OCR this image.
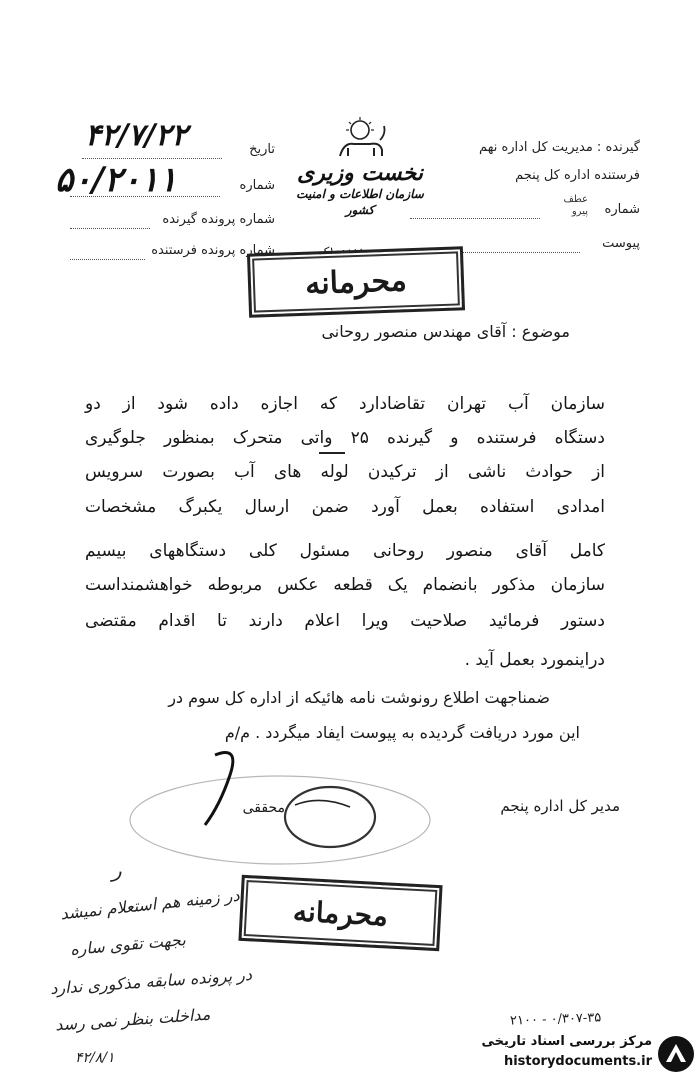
گیرنده : مدیریت کل اداره نهم
فرستنده اداره کل پنجم
شماره
عطف
پیرو
پیوست
نخست وزیری
سازمان اطلاعات و امنیت کشور
تاریخ
۴۲/۷/۲۲
شماره
۵۰/۲۰۱۱
شماره پرونده گیرنده
شماره پرونده فرستنده	۱۰۰۰۰۰ک
محرمانه
موضوع : آقای مهندس منصور روحانی
سازمان آب تهران تقاضادارد که اجازه داده شود از دو
دستگاه فرستنده و گیرنده ۲۵ واتی متحرک بمنظور جلوگیری
از حوادث ناشی از ترکیدن لوله های آب بصورت سرویس
امدادی استفاده بعمل آورد ضمن ارسال یکبرگ مشخصات
کامل آقای منصور روحانی مسئول کلی دستگاههای بیسیم
سازمان مذکور بانضمام یک قطعه عکس مربوطه خواهشمنداست
دستور فرمائید صلاحیت ویرا اعلام دارند تا اقدام مقتضی
دراینمورد بعمل آید .
ضمناجهت اطلاع رونوشت نامه هائیکه از اداره کل سوم در
این مورد دریافت گردیده به پیوست ایفاد میگردد . م/م
مدیر کل اداره پنجم
محققی
ر
در زمینه هم استعلام نمیشد
بجهت تقوی ساره
در پرونده سابقه مذکوری ندارد
مداخلت بنظر نمی رسد
۴۲/۸/۱
محرمانه
۰/۳۰۷-۳۵ - ۲۱۰۰
مرکز بررسی اسناد تاریخی
historydocuments.ir
